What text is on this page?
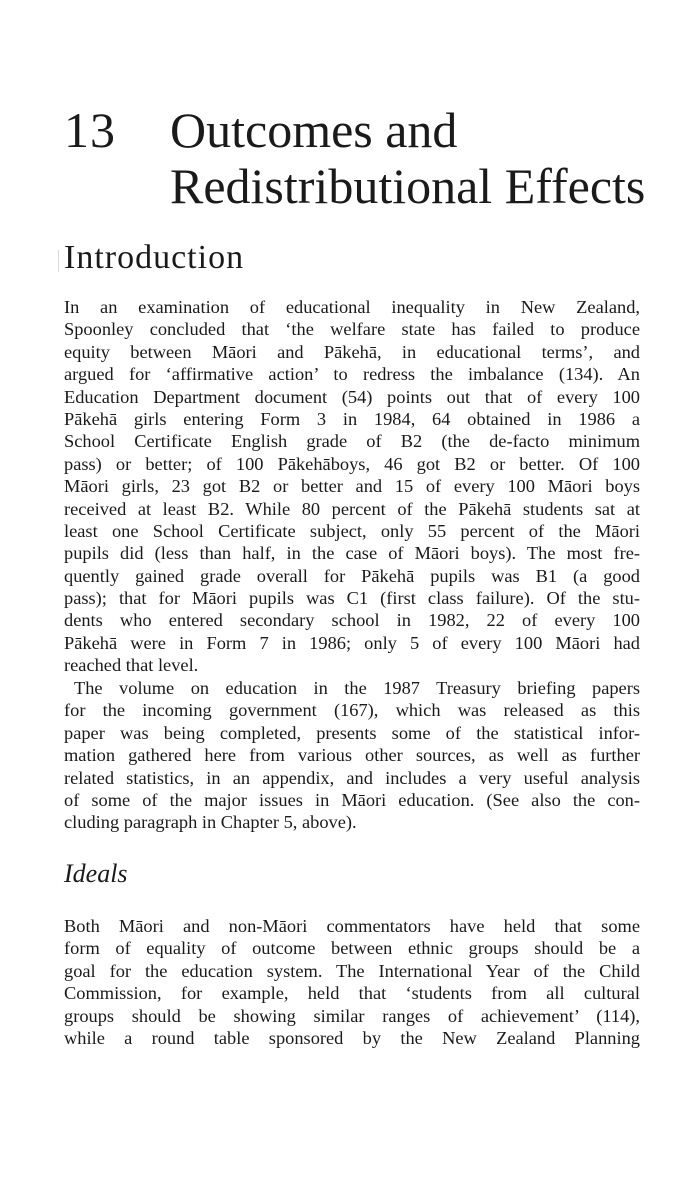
13 Outcomes and
Redistributional Effects
Introduction
In an examination of educational inequality in New Zealand,
Spoonley concluded that ‘the welfare state has failed to produce
equity between Māori and Pākehā, in educational terms’, and
argued for ‘affirmative action’ to redress the imbalance (134). An
Education Department document (54) points out that of every 100
Pākehā girls entering Form 3 in 1984, 64 obtained in 1986 a
School Certificate English grade of B2 (the de-facto minimum
pass) or better; of 100 Pākehāboys, 46 got B2 or better. Of 100
Māori girls, 23 got B2 or better and 15 of every 100 Māori boys
received at least B2. While 80 percent of the Pākehā students sat at
least one School Certificate subject, only 55 percent of the Māori
pupils did (less than half, in the case of Māori boys). The most fre-
quently gained grade overall for Pākehā pupils was B1 (a good
pass); that for Māori pupils was C1 (first class failure). Of the stu-
dents who entered secondary school in 1982, 22 of every 100
Pākehā were in Form 7 in 1986; only 5 of every 100 Māori had
reached that level.
The volume on education in the 1987 Treasury briefing papers
for the incoming government (167), which was released as this
paper was being completed, presents some of the statistical infor-
mation gathered here from various other sources, as well as further
related statistics, in an appendix, and includes a very useful analysis
of some of the major issues in Māori education. (See also the con-
cluding paragraph in Chapter 5, above).
Ideals
Both Māori and non-Māori commentators have held that some
form of equality of outcome between ethnic groups should be a
goal for the education system. The International Year of the Child
Commission, for example, held that ‘students from all cultural
groups should be showing similar ranges of achievement’ (114),
while a round table sponsored by the New Zealand Planning
